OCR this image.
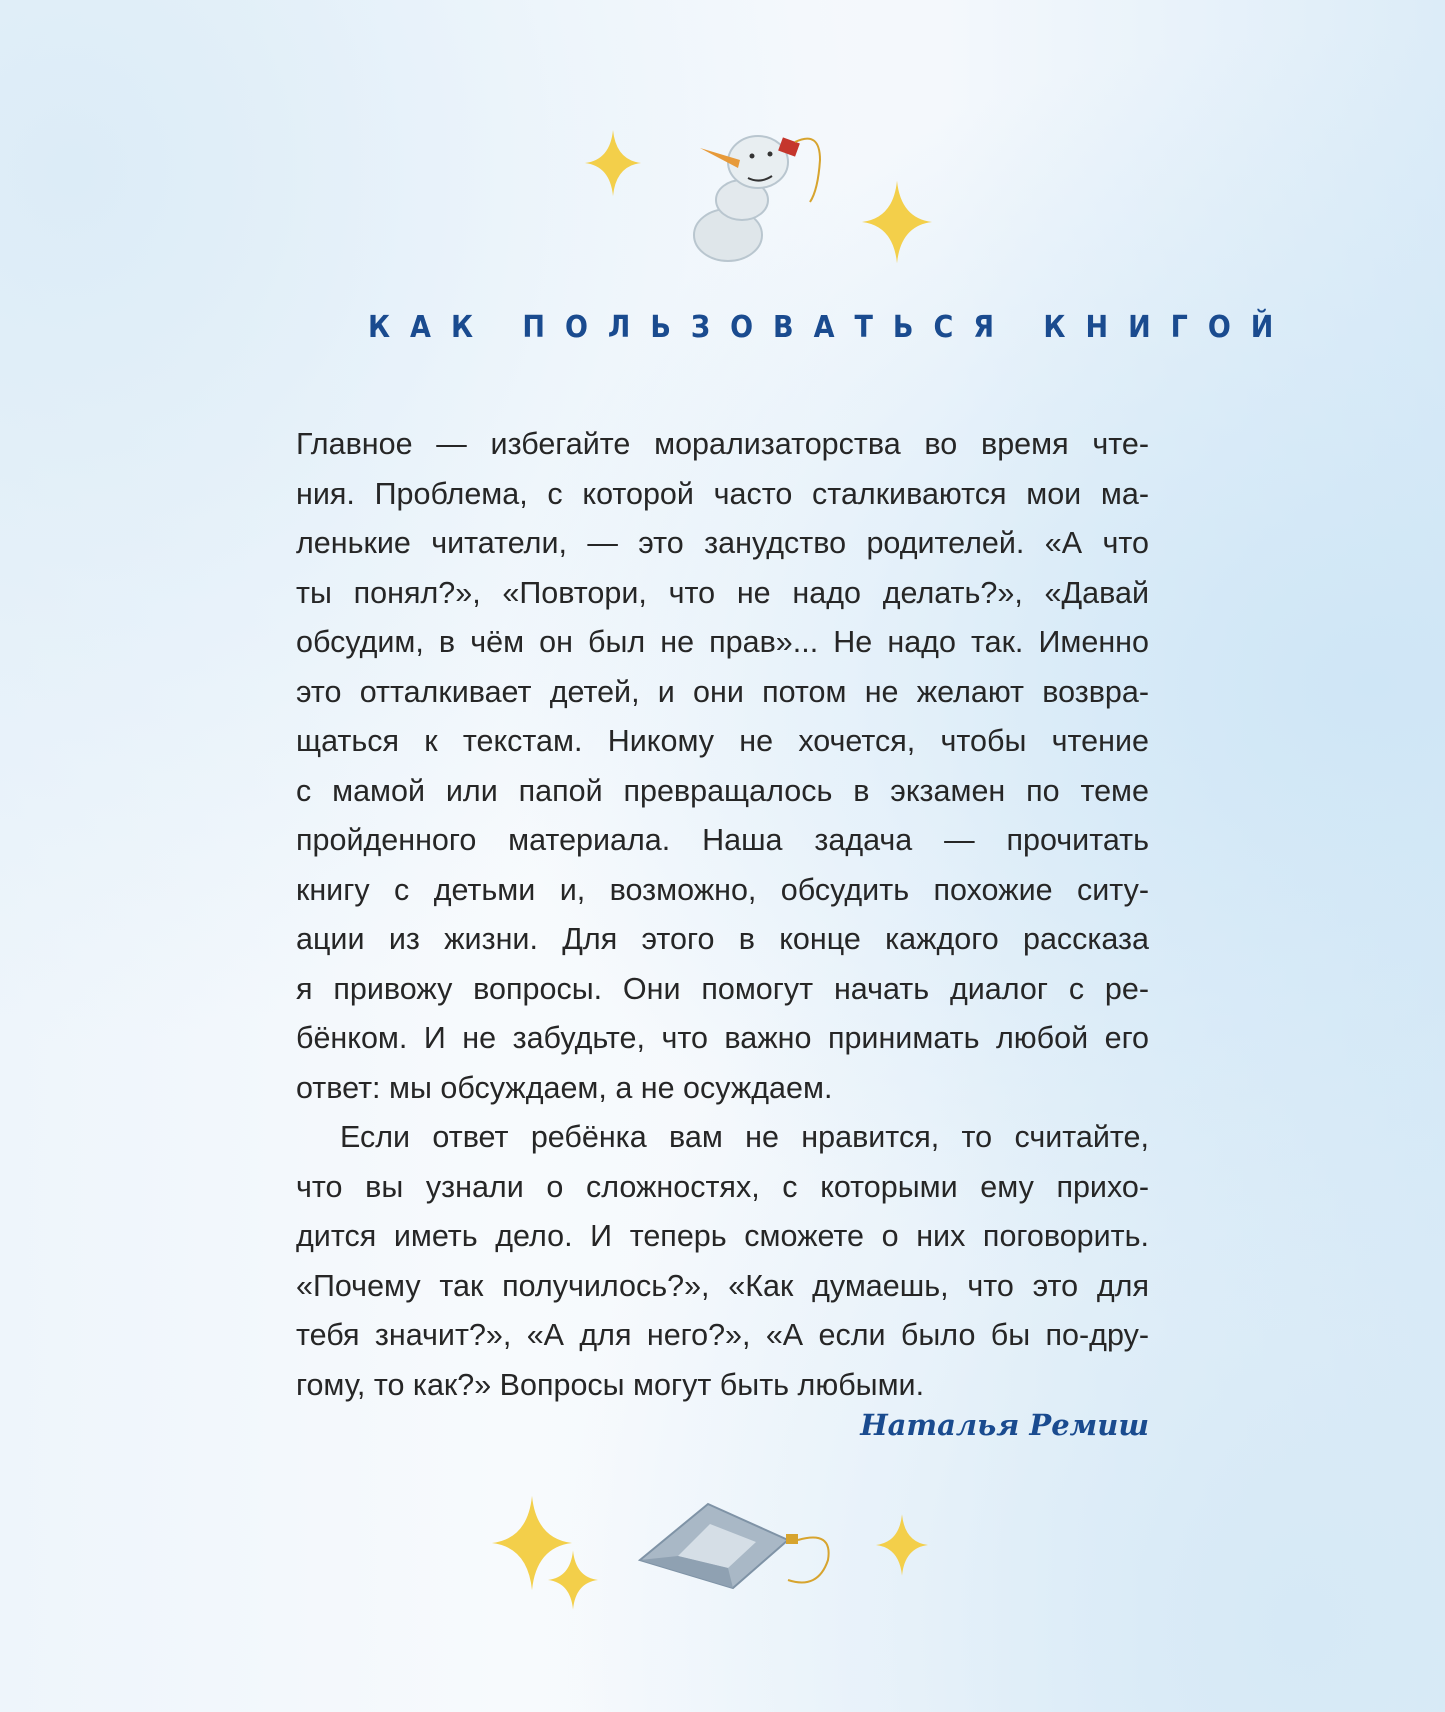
КАК ПОЛЬЗОВАТЬСЯ КНИГОЙ
Главное — избегайте морализаторства во время чте-
ния. Проблема, с которой часто сталкиваются мои ма-
ленькие читатели, — это занудство родителей. «А что
ты понял?», «Повтори, что не надо делать?», «Давай
обсудим, в чём он был не прав»... Не надо так. Именно
это отталкивает детей, и они потом не желают возвра-
щаться к текстам. Никому не хочется, чтобы чтение
с мамой или папой превращалось в экзамен по теме
пройденного материала. Наша задача — прочитать
книгу с детьми и, возможно, обсудить похожие ситу-
ации из жизни. Для этого в конце каждого рассказа
я привожу вопросы. Они помогут начать диалог с ре-
бёнком. И не забудьте, что важно принимать любой его
ответ: мы обсуждаем, а не осуждаем.
Если ответ ребёнка вам не нравится, то считайте,
что вы узнали о сложностях, с которыми ему прихо-
дится иметь дело. И теперь сможете о них поговорить.
«Почему так получилось?», «Как думаешь, что это для
тебя значит?», «А для него?», «А если было бы по-дру-
гому, то как?» Вопросы могут быть любыми.
Наталья Ремиш
